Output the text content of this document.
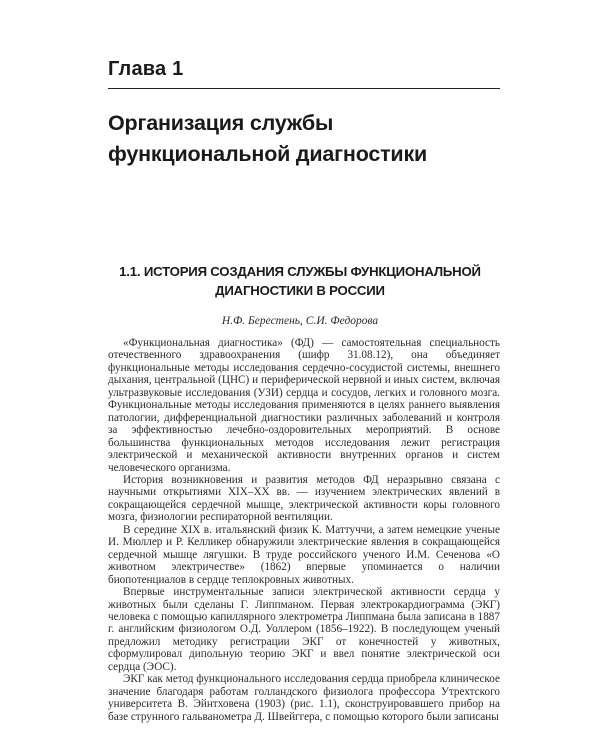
Глава 1
Организация службы функциональной диагностики
1.1. ИСТОРИЯ СОЗДАНИЯ СЛУЖБЫ ФУНКЦИОНАЛЬНОЙ ДИАГНОСТИКИ В РОССИИ
Н.Ф. Берестень, С.И. Федорова

«Функциональная диагностика» (ФД) — самостоятельная специальность отечественного здравоохранения (шифр 31.08.12), она объединяет функциональные методы исследования сердечно-сосудистой системы, внешнего дыхания, центральной (ЦНС) и периферической нервной и иных систем, включая ультразвуковые исследования (УЗИ) сердца и сосудов, легких и головного мозга. Функциональные методы исследования применяются в целях раннего выявления патологии, дифференциальной диагностики различных заболеваний и контроля за эффективностью лечебно-оздоровительных мероприятий. В основе большинства функциональных методов исследования лежит регистрация электрической и механической активности внутренних органов и систем человеческого организма.

История возникновения и развития методов ФД неразрывно связана с научными открытиями XIX–XX вв. — изучением электрических явлений в сокращающейся сердечной мышце, электрической активности коры головного мозга, физиологии респираторной вентиляции.

В середине XIX в. итальянский физик К. Маттуччи, а затем немецкие ученые И. Мюллер и Р. Келликер обнаружили электрические явления в сокращающейся сердечной мышце лягушки. В труде российского ученого И.М. Сеченова «О животном электричестве» (1862) впервые упоминается о наличии биопотенциалов в сердце теплокровных животных.

Впервые инструментальные записи электрической активности сердца у животных были сделаны Г. Липпманом. Первая электрокардиограмма (ЭКГ) человека с помощью капиллярного электрометра Липпмана была записана в 1887 г. английским физиологом О.Д. Уоллером (1856–1922). В последующем ученый предложил методику регистрации ЭКГ от конечностей у животных, сформулировал дипольную теорию ЭКГ и ввел понятие электрической оси сердца (ЭОС).

ЭКГ как метод функционального исследования сердца приобрела клиническое значение благодаря работам голландского физиолога профессора Утрехтского университета В. Эйнтховена (1903) (рис. 1.1), сконструировавшего прибор на базе струнного гальванометра Д. Швейггера, с помощью которого были записаны
